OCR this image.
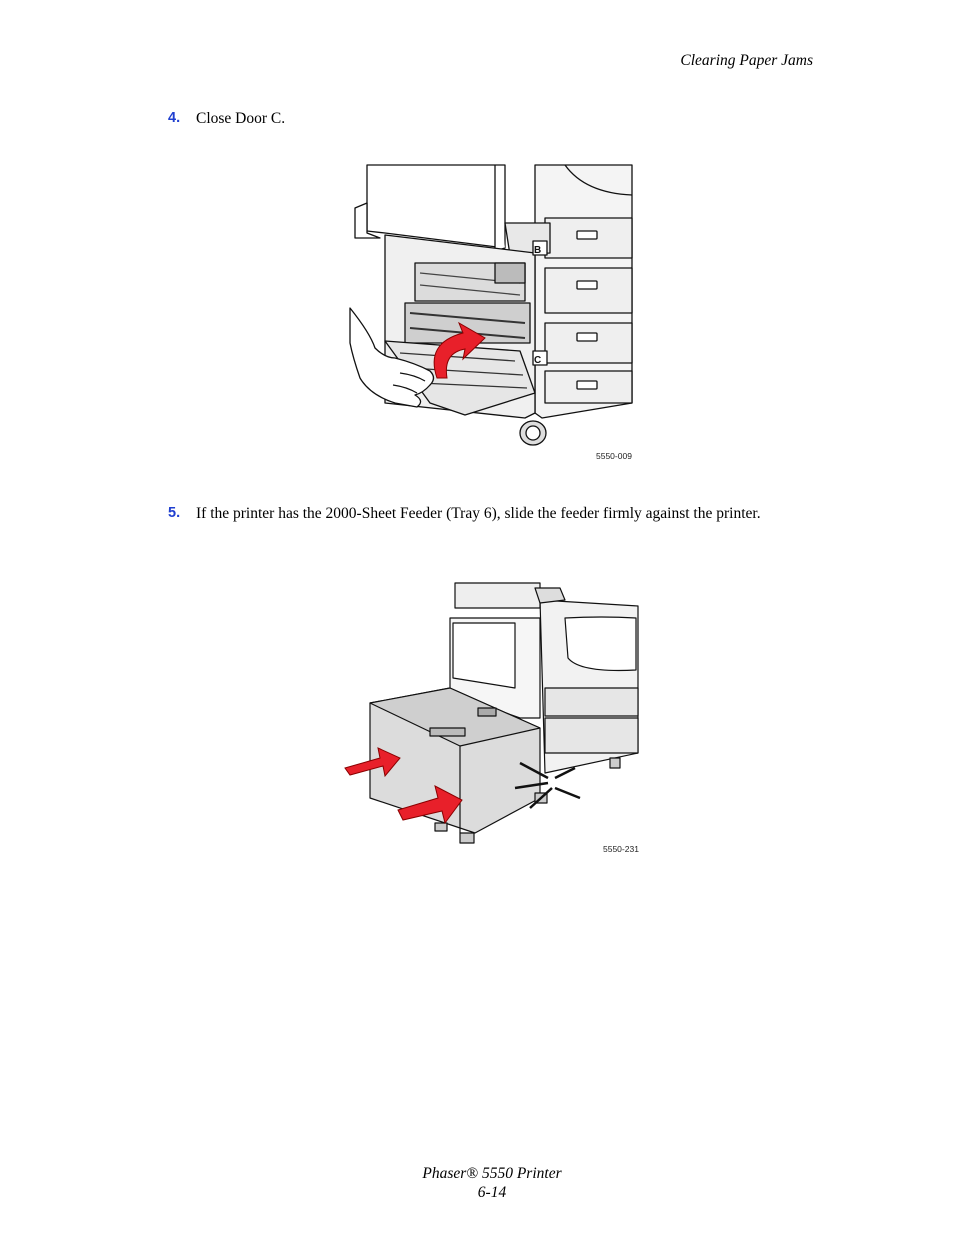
Clearing Paper Jams
4. Close Door C.
B
C
5550-009
5. If the printer has the 2000-Sheet Feeder (Tray 6), slide the feeder firmly against the printer.
5550-231
Phaser® 5550 Printer
6-14
